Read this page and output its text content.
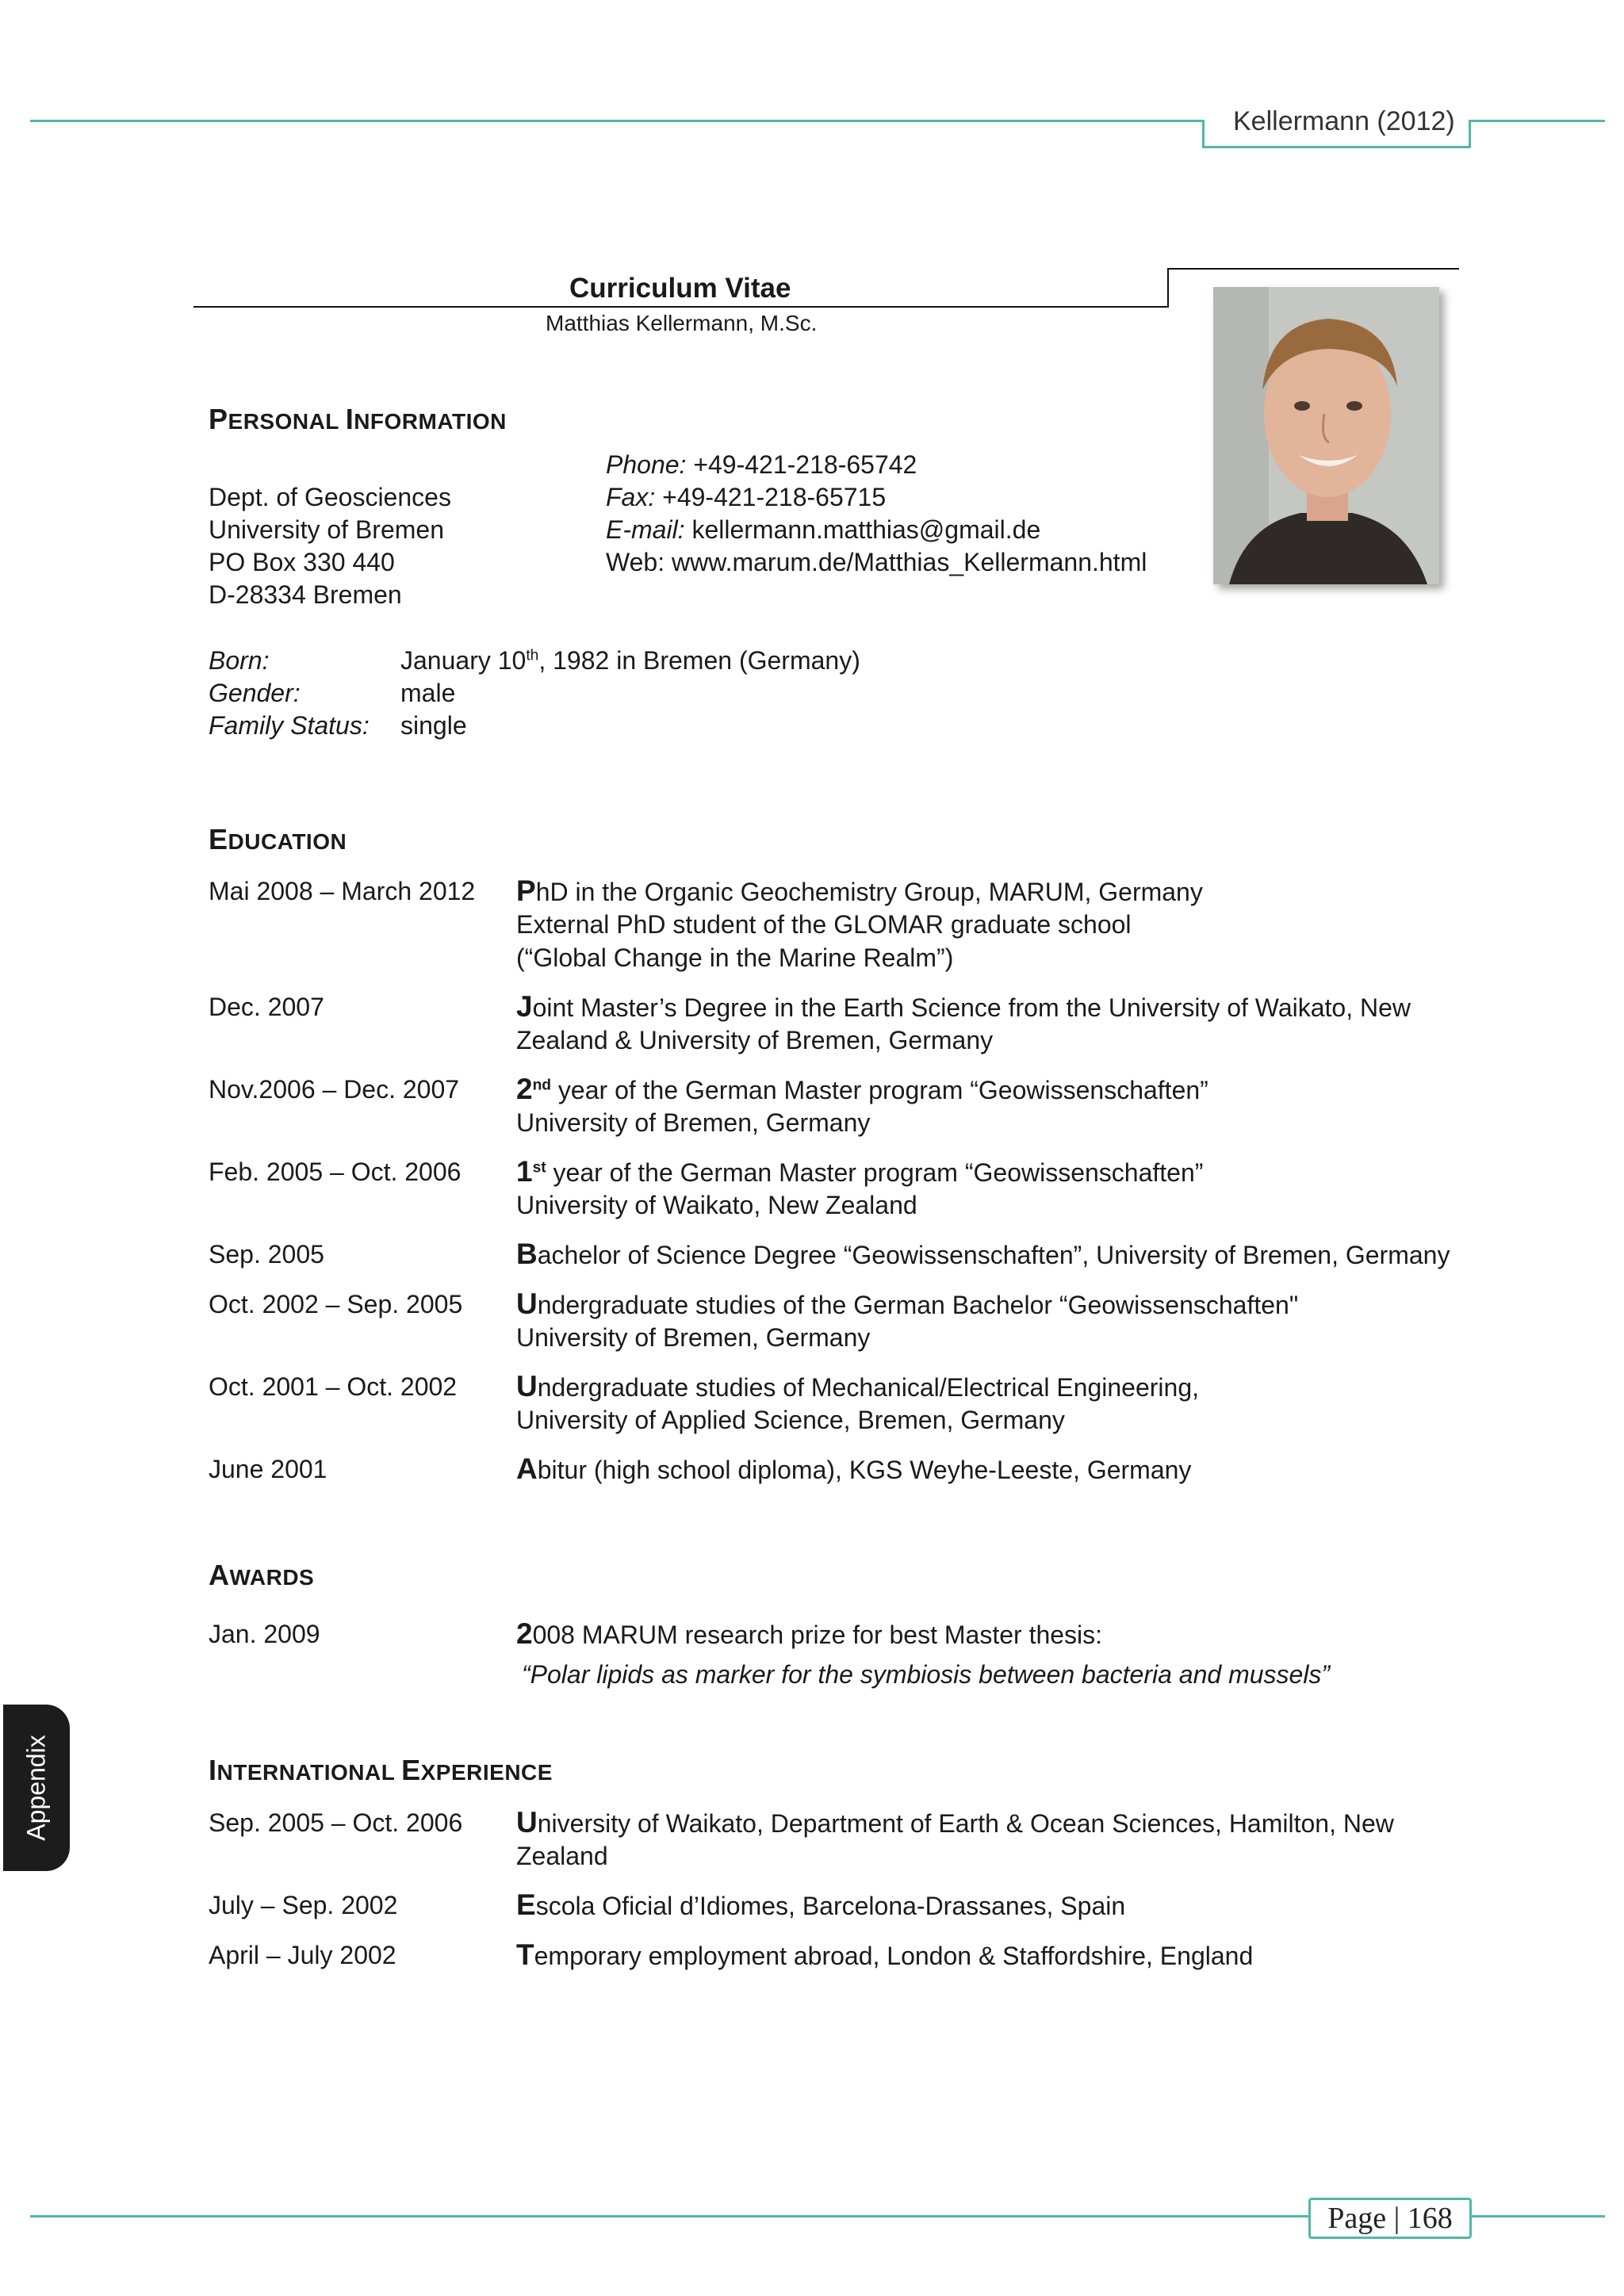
Kellermann (2012)
Curriculum Vitae
Matthias Kellermann, M.Sc.
PERSONAL INFORMATION
Dept. of Geosciences
University of Bremen
PO Box 330 440
D-28334 Bremen
Phone: +49-421-218-65742
Fax: +49-421-218-65715
E-mail: kellermann.matthias@gmail.de
Web: www.marum.de/Matthias_Kellermann.html
Born:	January 10th, 1982 in Bremen (Germany)
Gender:	male
Family Status: single
EDUCATION
Mai 2008 – March 2012 PhD in the Organic Geochemistry Group, MARUM, Germany
External PhD student of the GLOMAR graduate school
(“Global Change in the Marine Realm”)
Dec. 2007	Joint Master’s Degree in the Earth Science from the University of Waikato, New
Zealand & University of Bremen, Germany
Nov.2006 – Dec. 2007 2nd year of the German Master program “Geowissenschaften”
University of Bremen, Germany
Feb. 2005 – Oct. 2006 1st year of the German Master program “Geowissenschaften”
University of Waikato, New Zealand
Sep. 2005	Bachelor of Science Degree “Geowissenschaften”, University of Bremen, Germany
Oct. 2002 – Sep. 2005 Undergraduate studies of the German Bachelor “Geowissenschaften"
University of Bremen, Germany
Oct. 2001 – Oct. 2002 Undergraduate studies of Mechanical/Electrical Engineering,
University of Applied Science, Bremen, Germany
June 2001	Abitur (high school diploma), KGS Weyhe-Leeste, Germany
AWARDS
Jan. 2009	2008 MARUM research prize for best Master thesis:
“Polar lipids as marker for the symbiosis between bacteria and mussels”
INTERNATIONAL EXPERIENCE
Sep. 2005 – Oct. 2006 University of Waikato, Department of Earth & Ocean Sciences, Hamilton, New
Zealand
July – Sep. 2002	Escola Oficial d’Idiomes, Barcelona-Drassanes, Spain
April – July 2002	Temporary employment abroad, London & Staffordshire, England
Appendix
Page | 168
